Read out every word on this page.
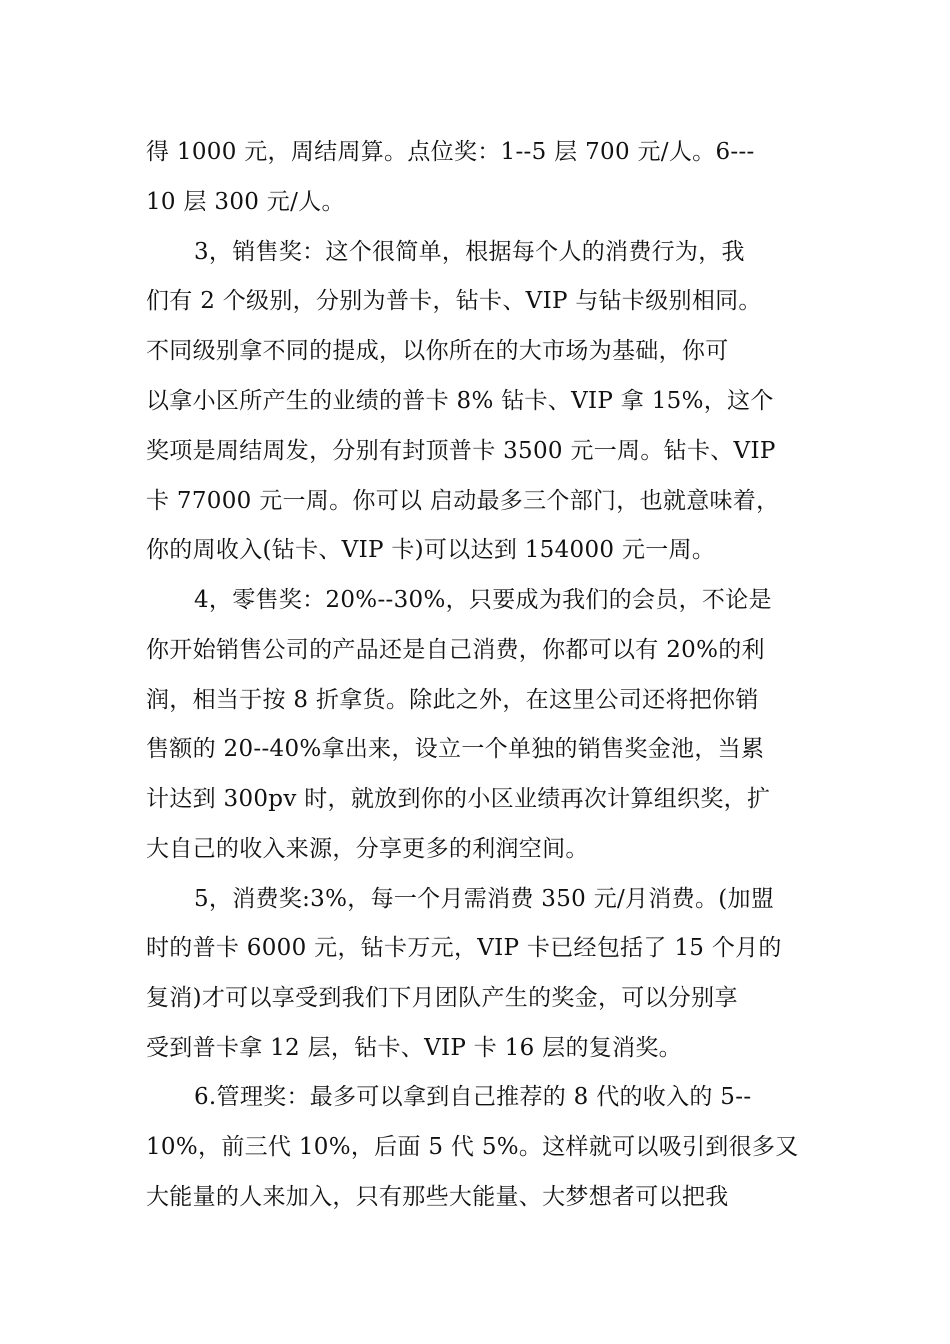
得 1000 元，周结周算。点位奖：1--5 层 700 元/人。6---
10 层 300 元/人。
3，销售奖：这个很简单，根据每个人的消费行为，我
们有 2 个级别，分别为普卡，钻卡、VIP 与钻卡级别相同。
不同级别拿不同的提成，以你所在的大市场为基础，你可
以拿小区所产生的业绩的普卡 8% 钻卡、VIP 拿 15%，这个
奖项是周结周发，分别有封顶普卡 3500 元一周。钻卡、VIP
卡 77000 元一周。你可以 启动最多三个部门，也就意味着，
你的周收入(钻卡、VIP 卡)可以达到 154000 元一周。
4，零售奖：20%--30%，只要成为我们的会员，不论是
你开始销售公司的产品还是自己消费，你都可以有 20%的利
润，相当于按 8 折拿货。除此之外，在这里公司还将把你销
售额的 20--40%拿出来，设立一个单独的销售奖金池，当累
计达到 300pv 时，就放到你的小区业绩再次计算组织奖，扩
大自己的收入来源，分享更多的利润空间。
5，消费奖:3%，每一个月需消费 350 元/月消费。(加盟
时的普卡 6000 元，钻卡万元，VIP 卡已经包括了 15 个月的
复消)才可以享受到我们下月团队产生的奖金，可以分别享
受到普卡拿 12 层，钻卡、VIP 卡 16 层的复消奖。
6.管理奖：最多可以拿到自己推荐的 8 代的收入的 5--
10%，前三代 10%，后面 5 代 5%。这样就可以吸引到很多又
大能量的人来加入，只有那些大能量、大梦想者可以把我
